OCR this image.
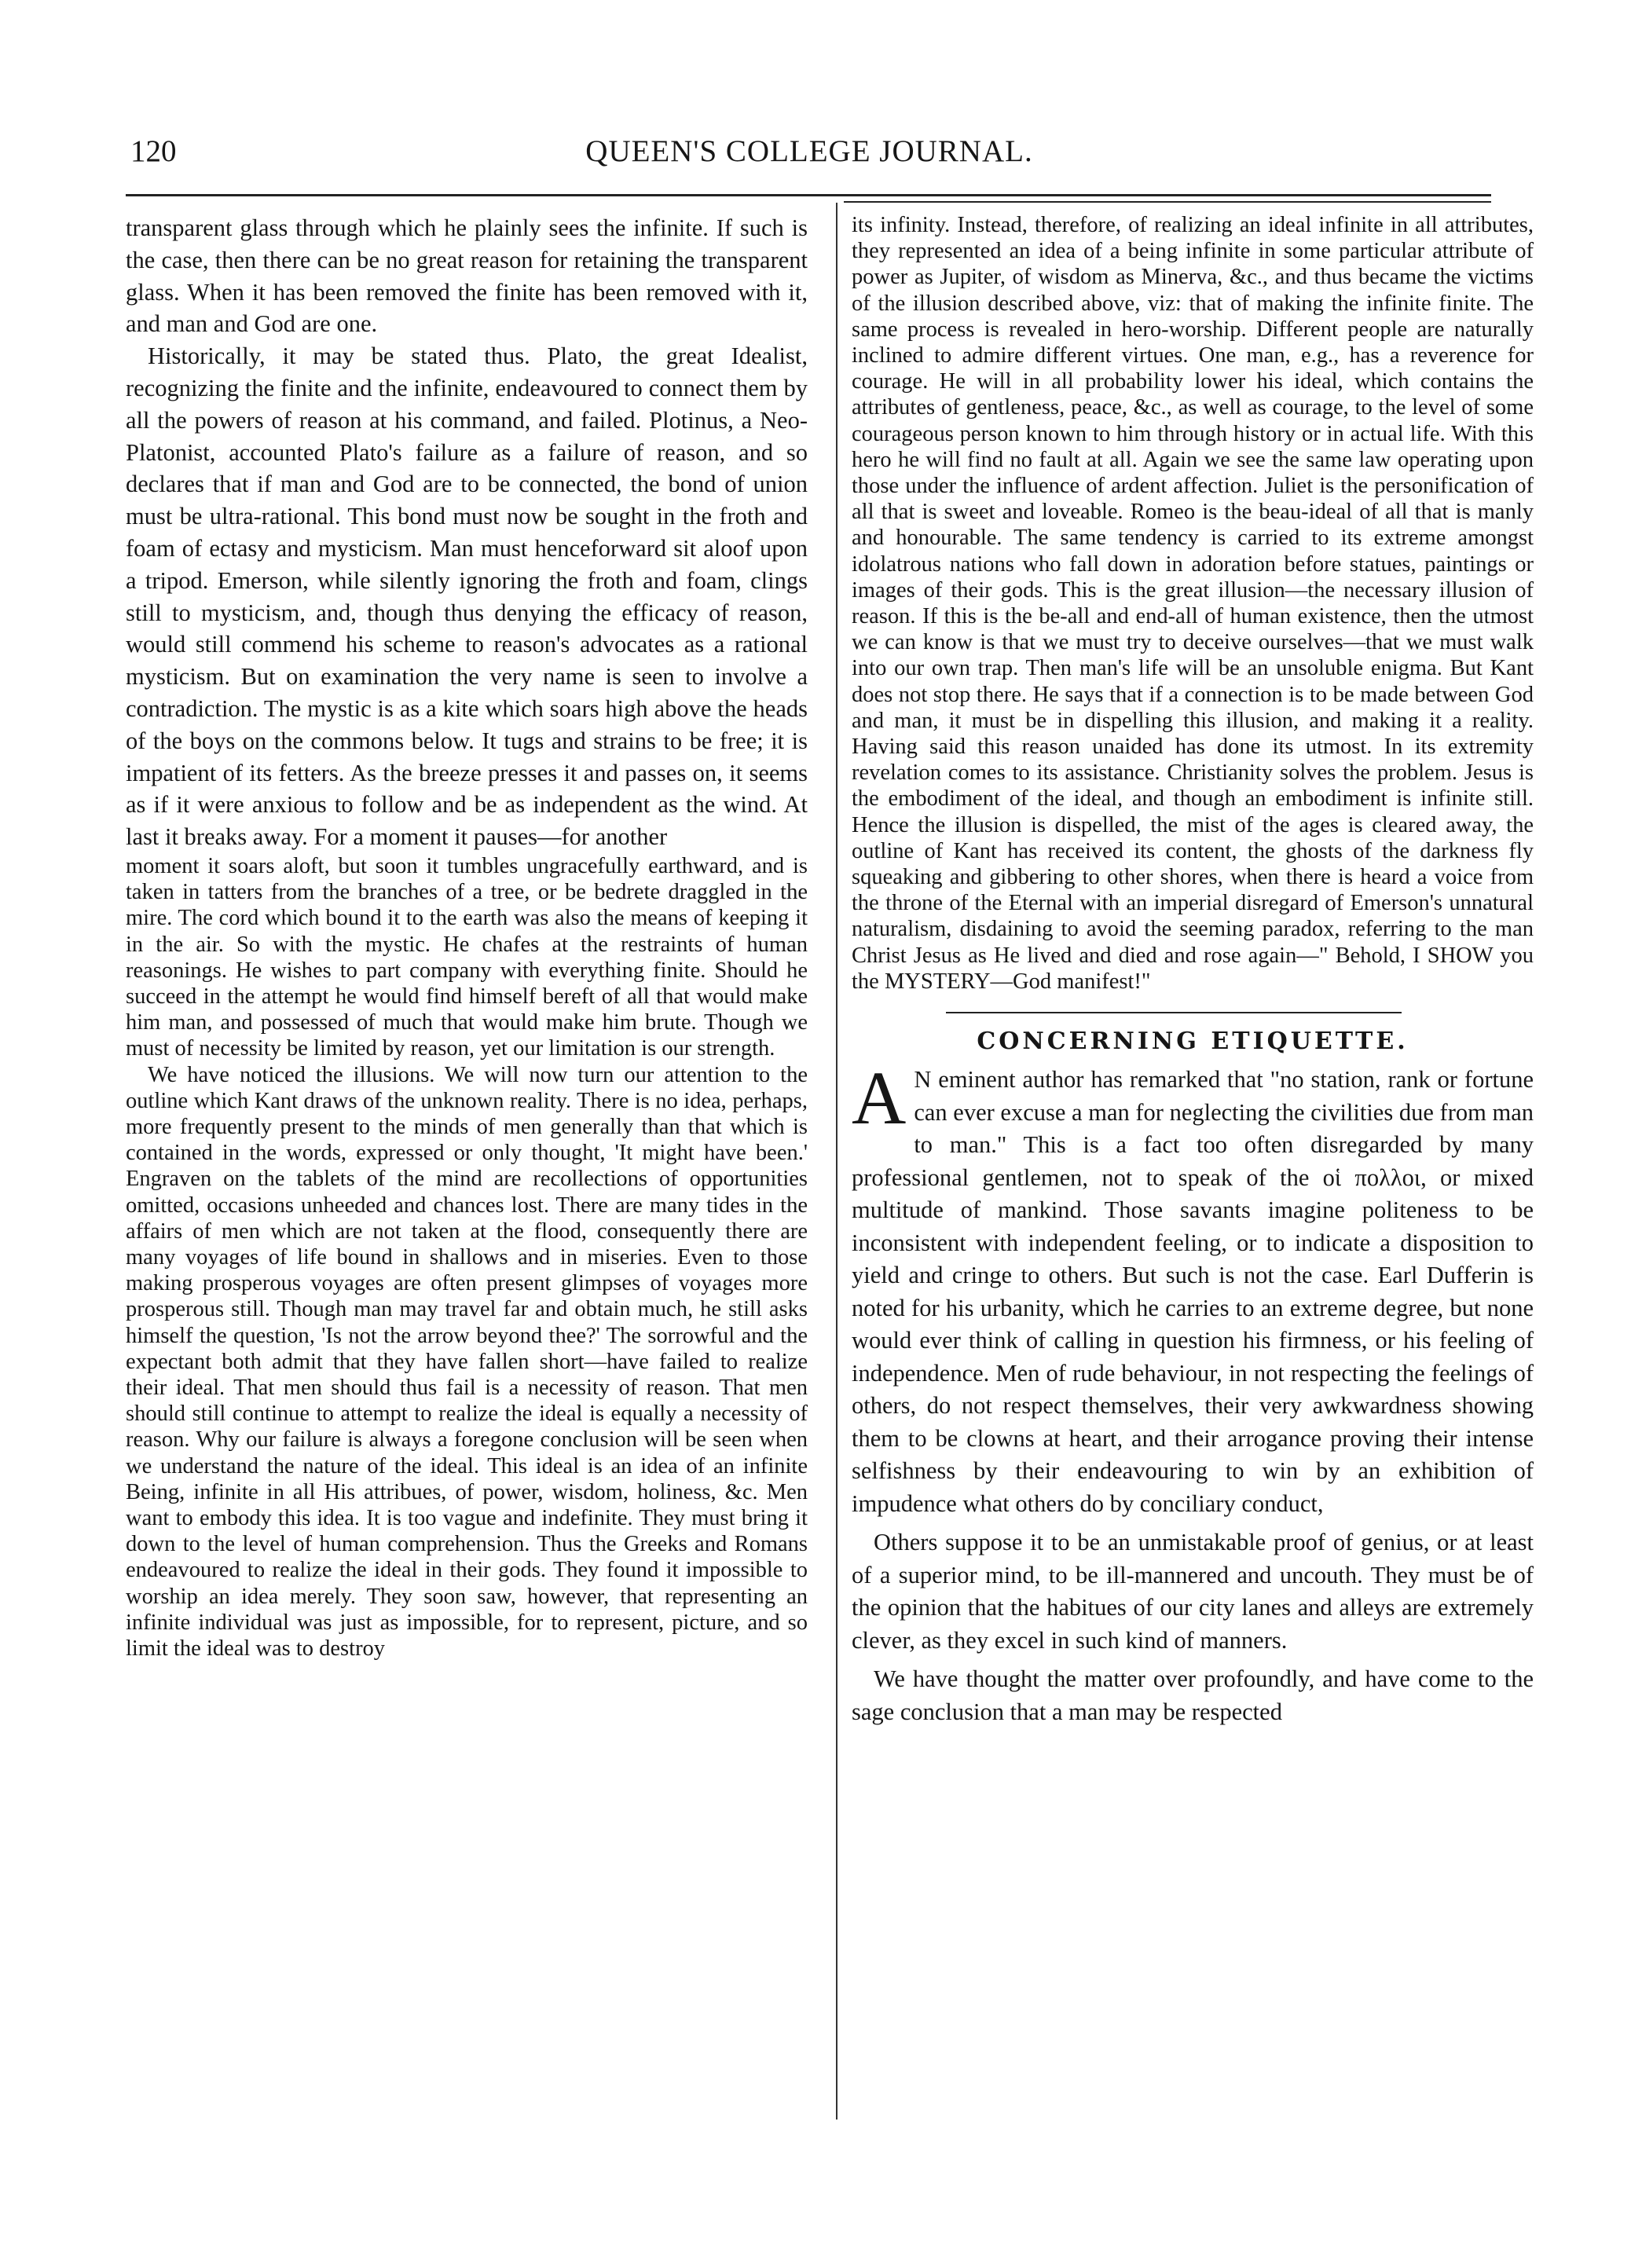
120	QUEEN'S COLLEGE JOURNAL.

transparent glass through which he plainly sees the infinite. If such is the case, then there can be no great reason for retaining the transparent glass. When it has been removed the finite has been removed with it, and man and God are one.

Historically, it may be stated thus. Plato, the great Idealist, recognizing the finite and the infinite, endeavoured to connect them by all the powers of reason at his command, and failed. Plotinus, a Neo-Platonist, accounted Plato's failure as a failure of reason, and so declares that if man and God are to be connected, the bond of union must be ultra-rational. This bond must now be sought in the froth and foam of ectasy and mysticism. Man must henceforward sit aloof upon a tripod. Emerson, while silently ignoring the froth and foam, clings still to mysticism, and, though thus denying the efficacy of reason, would still commend his scheme to reason's advocates as a rational mysticism. But on examination the very name is seen to involve a contradiction. The mystic is as a kite which soars high above the heads of the boys on the commons below. It tugs and strains to be free; it is impatient of its fetters. As the breeze presses it and passes on, it seems as if it were anxious to follow and be as independent as the wind. At last it breaks away. For a moment it pauses—for another

moment it soars aloft, but soon it tumbles ungracefully earthward, and is taken in tatters from the branches of a tree, or be bedrete draggled in the mire. The cord which bound it to the earth was also the means of keeping it in the air. So with the mystic. He chafes at the restraints of human reasonings. He wishes to part company with everything finite. Should he succeed in the attempt he would find himself bereft of all that would make him man, and possessed of much that would make him brute. Though we must of necessity be limited by reason, yet our limitation is our strength.

We have noticed the illusions. We will now turn our attention to the outline which Kant draws of the unknown reality. There is no idea, perhaps, more frequently present to the minds of men generally than that which is contained in the words, expressed or only thought, 'It might have been.' Engraven on the tablets of the mind are recollections of opportunities omitted, occasions unheeded and chances lost. There are many tides in the affairs of men which are not taken at the flood, consequently there are many voyages of life bound in shallows and in miseries. Even to those making prosperous voyages are often present glimpses of voyages more prosperous still. Though man may travel far and obtain much, he still asks himself the question, 'Is not the arrow beyond thee?' The sorrowful and the expectant both admit that they have fallen short—have failed to realize their ideal. That men should thus fail is a necessity of reason. That men should still continue to attempt to realize the ideal is equally a necessity of reason. Why our failure is always a foregone conclusion will be seen when we understand the nature of the ideal. This ideal is an idea of an infinite Being, infinite in all His attribues, of power, wisdom, holiness, &c. Men want to embody this idea. It is too vague and indefinite. They must bring it down to the level of human comprehension. Thus the Greeks and Romans endeavoured to realize the ideal in their gods. They found it impossible to worship an idea merely. They soon saw, however, that representing an infinite individual was just as impossible, for to represent, picture, and so limit the ideal was to destroy

its infinity. Instead, therefore, of realizing an ideal infinite in all attributes, they represented an idea of a being infinite in some particular attribute of power as Jupiter, of wisdom as Minerva, &c., and thus became the victims of the illusion described above, viz: that of making the infinite finite. The same process is revealed in hero-worship. Different people are naturally inclined to admire different virtues. One man, e.g., has a reverence for courage. He will in all probability lower his ideal, which contains the attributes of gentleness, peace, &c., as well as courage, to the level of some courageous person known to him through history or in actual life. With this hero he will find no fault at all. Again we see the same law operating upon those under the influence of ardent affection. Juliet is the personification of all that is sweet and loveable. Romeo is the beau-ideal of all that is manly and honourable. The same tendency is carried to its extreme amongst idolatrous nations who fall down in adoration before statues, paintings or images of their gods. This is the great illusion—the necessary illusion of reason. If this is the be-all and end-all of human existence, then the utmost we can know is that we must try to deceive ourselves—that we must walk into our own trap. Then man's life will be an unsoluble enigma. But Kant does not stop there. He says that if a connection is to be made between God and man, it must be in dispelling this illusion, and making it a reality. Having said this reason unaided has done its utmost. In its extremity revelation comes to its assistance. Christianity solves the problem. Jesus is the embodiment of the ideal, and though an embodiment is infinite still. Hence the illusion is dispelled, the mist of the ages is cleared away, the outline of Kant has received its content, the ghosts of the darkness fly squeaking and gibbering to other shores, when there is heard a voice from the throne of the Eternal with an imperial disregard of Emerson's unnatural naturalism, disdaining to avoid the seeming paradox, referring to the man Christ Jesus as He lived and died and rose again—" Behold, I SHOW you the MYSTERY—God manifest!"

CONCERNING ETIQUETTE.

A N eminent author has remarked that "no station, rank or fortune can ever excuse a man for neglecting the civilities due from man to man." This is a fact too often disregarded by many professional gentlemen, not to speak of the οἱ πολλοι, or mixed multitude of mankind. Those savants imagine politeness to be inconsistent with independent feeling, or to indicate a disposition to yield and cringe to others. But such is not the case. Earl Dufferin is noted for his urbanity, which he carries to an extreme degree, but none would ever think of calling in question his firmness, or his feeling of independence. Men of rude behaviour, in not respecting the feelings of others, do not respect themselves, their very awkwardness showing them to be clowns at heart, and their arrogance proving their intense selfishness by their endeavouring to win by an exhibition of impudence what others do by conciliary conduct,

Others suppose it to be an unmistakable proof of genius, or at least of a superior mind, to be ill-mannered and uncouth. They must be of the opinion that the habitues of our city lanes and alleys are extremely clever, as they excel in such kind of manners.

We have thought the matter over profoundly, and have come to the sage conclusion that a man may be respected
